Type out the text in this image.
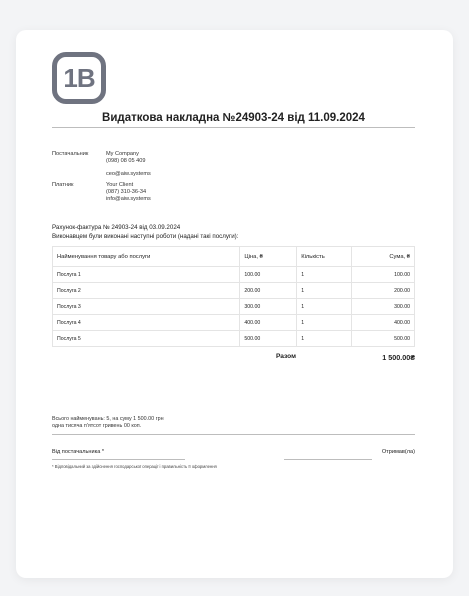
1B
Видаткова накладна №24903-24 від 11.09.2024
Постачальник	My Company
(098) 08 05 409
ceo@aiw.systems
Платник	Your Client
(087) 310-36-34
info@aiw.systems
Рахунок-фактура № 24903-24 від 03.09.2024
Виконавцем були виконані наступні роботи (надані такі послуги):
Найменування товару або послуги	Ціна, ₴	Кількість	Сума, ₴
Послуга 1	100.00	1	100.00
Послуга 2	200.00	1	200.00
Послуга 3	300.00	1	300.00
Послуга 4	400.00	1	400.00
Послуга 5	500.00	1	500.00
Разом	1 500.00₴
Всього найменувань: 5, на суму 1 500.00 грн
одна тисяча п'ятсот гривень 00 коп.
Від постачальника *	Отримав(ла)
* Відповідальний за здійснення господарської операції і правильність її оформлення
